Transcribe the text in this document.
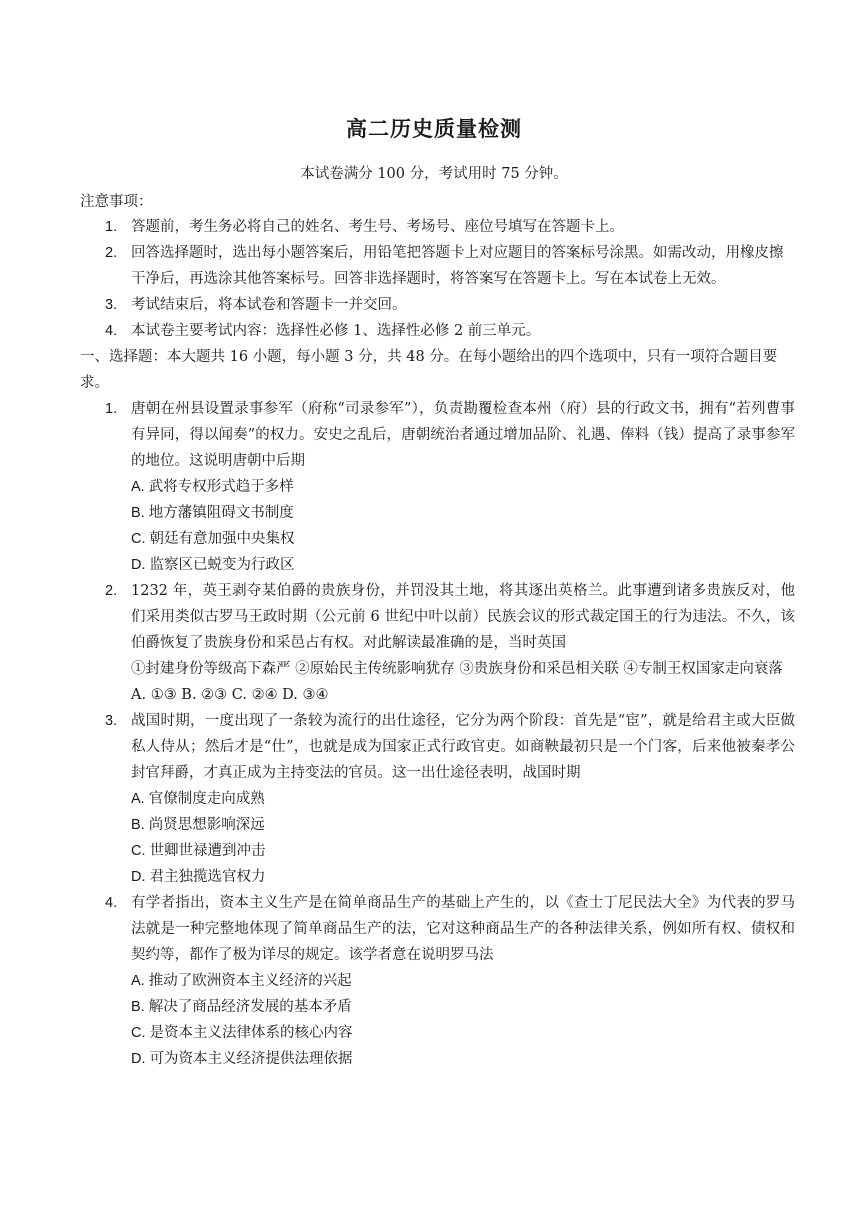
高二历史质量检测

本试卷满分 100 分，考试用时 75 分钟。

注意事项：

1. 答题前，考生务必将自己的姓名、考生号、考场号、座位号填写在答题卡上。
2. 回答选择题时，选出每小题答案后，用铅笔把答题卡上对应题目的答案标号涂黑。如需改动，用橡皮擦干净后，再选涂其他答案标号。回答非选择题时，将答案写在答题卡上。写在本试卷上无效。
3. 考试结束后，将本试卷和答题卡一并交回。
4. 本试卷主要考试内容：选择性必修 1、选择性必修 2 前三单元。

一、选择题：本大题共 16 小题，每小题 3 分，共 48 分。在每小题给出的四个选项中，只有一项符合题目要求。

1. 唐朝在州县设置录事参军（府称“司录参军”），负责勘覆检查本州（府）县的行政文书，拥有“若列曹事有异同，得以闻奏”的权力。安史之乱后，唐朝统治者通过增加品阶、礼遇、俸料（钱）提高了录事参军的地位。这说明唐朝中后期

A. 武将专权形式趋于多样
B. 地方藩镇阻碍文书制度
C. 朝廷有意加强中央集权
D. 监察区已蜕变为行政区
2. 1232 年，英王剥夺某伯爵的贵族身份，并罚没其土地，将其逐出英格兰。此事遭到诸多贵族反对，他们采用类似古罗马王政时期（公元前 6 世纪中叶以前）民族会议的形式裁定国王的行为违法。不久，该伯爵恢复了贵族身份和采邑占有权。对此解读最准确的是，当时英国

①封建身份等级高下森严 ②原始民主传统影响犹存 ③贵族身份和采邑相关联 ④专制王权国家走向衰落

A. ①③ B. ②③ C. ②④ D. ③④

3. 战国时期，一度出现了一条较为流行的出仕途径，它分为两个阶段：首先是“宦”，就是给君主或大臣做私人侍从；然后才是“仕”，也就是成为国家正式行政官吏。如商鞅最初只是一个门客，后来他被秦孝公封官拜爵，才真正成为主持变法的官员。这一出仕途径表明，战国时期

A. 官僚制度走向成熟
B. 尚贤思想影响深远
C. 世卿世禄遭到冲击
D. 君主独揽选官权力
4. 有学者指出，资本主义生产是在简单商品生产的基础上产生的，以《查士丁尼民法大全》为代表的罗马法就是一种完整地体现了简单商品生产的法，它对这种商品生产的各种法律关系，例如所有权、债权和契约等，都作了极为详尽的规定。该学者意在说明罗马法

A. 推动了欧洲资本主义经济的兴起
B. 解决了商品经济发展的基本矛盾
C. 是资本主义法律体系的核心内容
D. 可为资本主义经济提供法理依据
